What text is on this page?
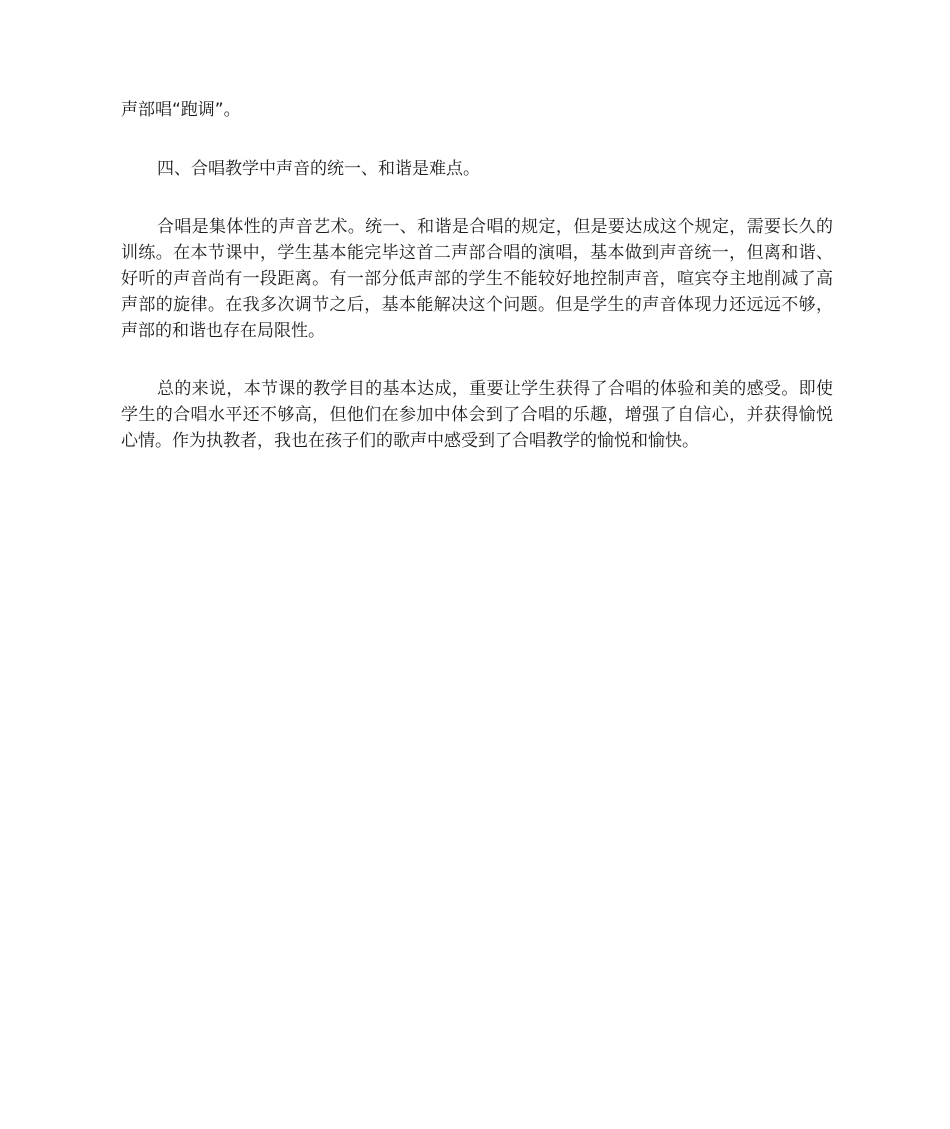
声部唱“跑调”。

四、合唱教学中声音的统一、和谐是难点。

合唱是集体性的声音艺术。统一、和谐是合唱的规定，但是要达成这个规定，需要长久的训练。在本节课中，学生基本能完毕这首二声部合唱的演唱，基本做到声音统一，但离和谐、好听的声音尚有一段距离。有一部分低声部的学生不能较好地控制声音，喧宾夺主地削减了高声部的旋律。在我多次调节之后，基本能解决这个问题。但是学生的声音体现力还远远不够，声部的和谐也存在局限性。

总的来说，本节课的教学目的基本达成，重要让学生获得了合唱的体验和美的感受。即使学生的合唱水平还不够高，但他们在参加中体会到了合唱的乐趣，增强了自信心，并获得愉悦心情。作为执教者，我也在孩子们的歌声中感受到了合唱教学的愉悦和愉快。
